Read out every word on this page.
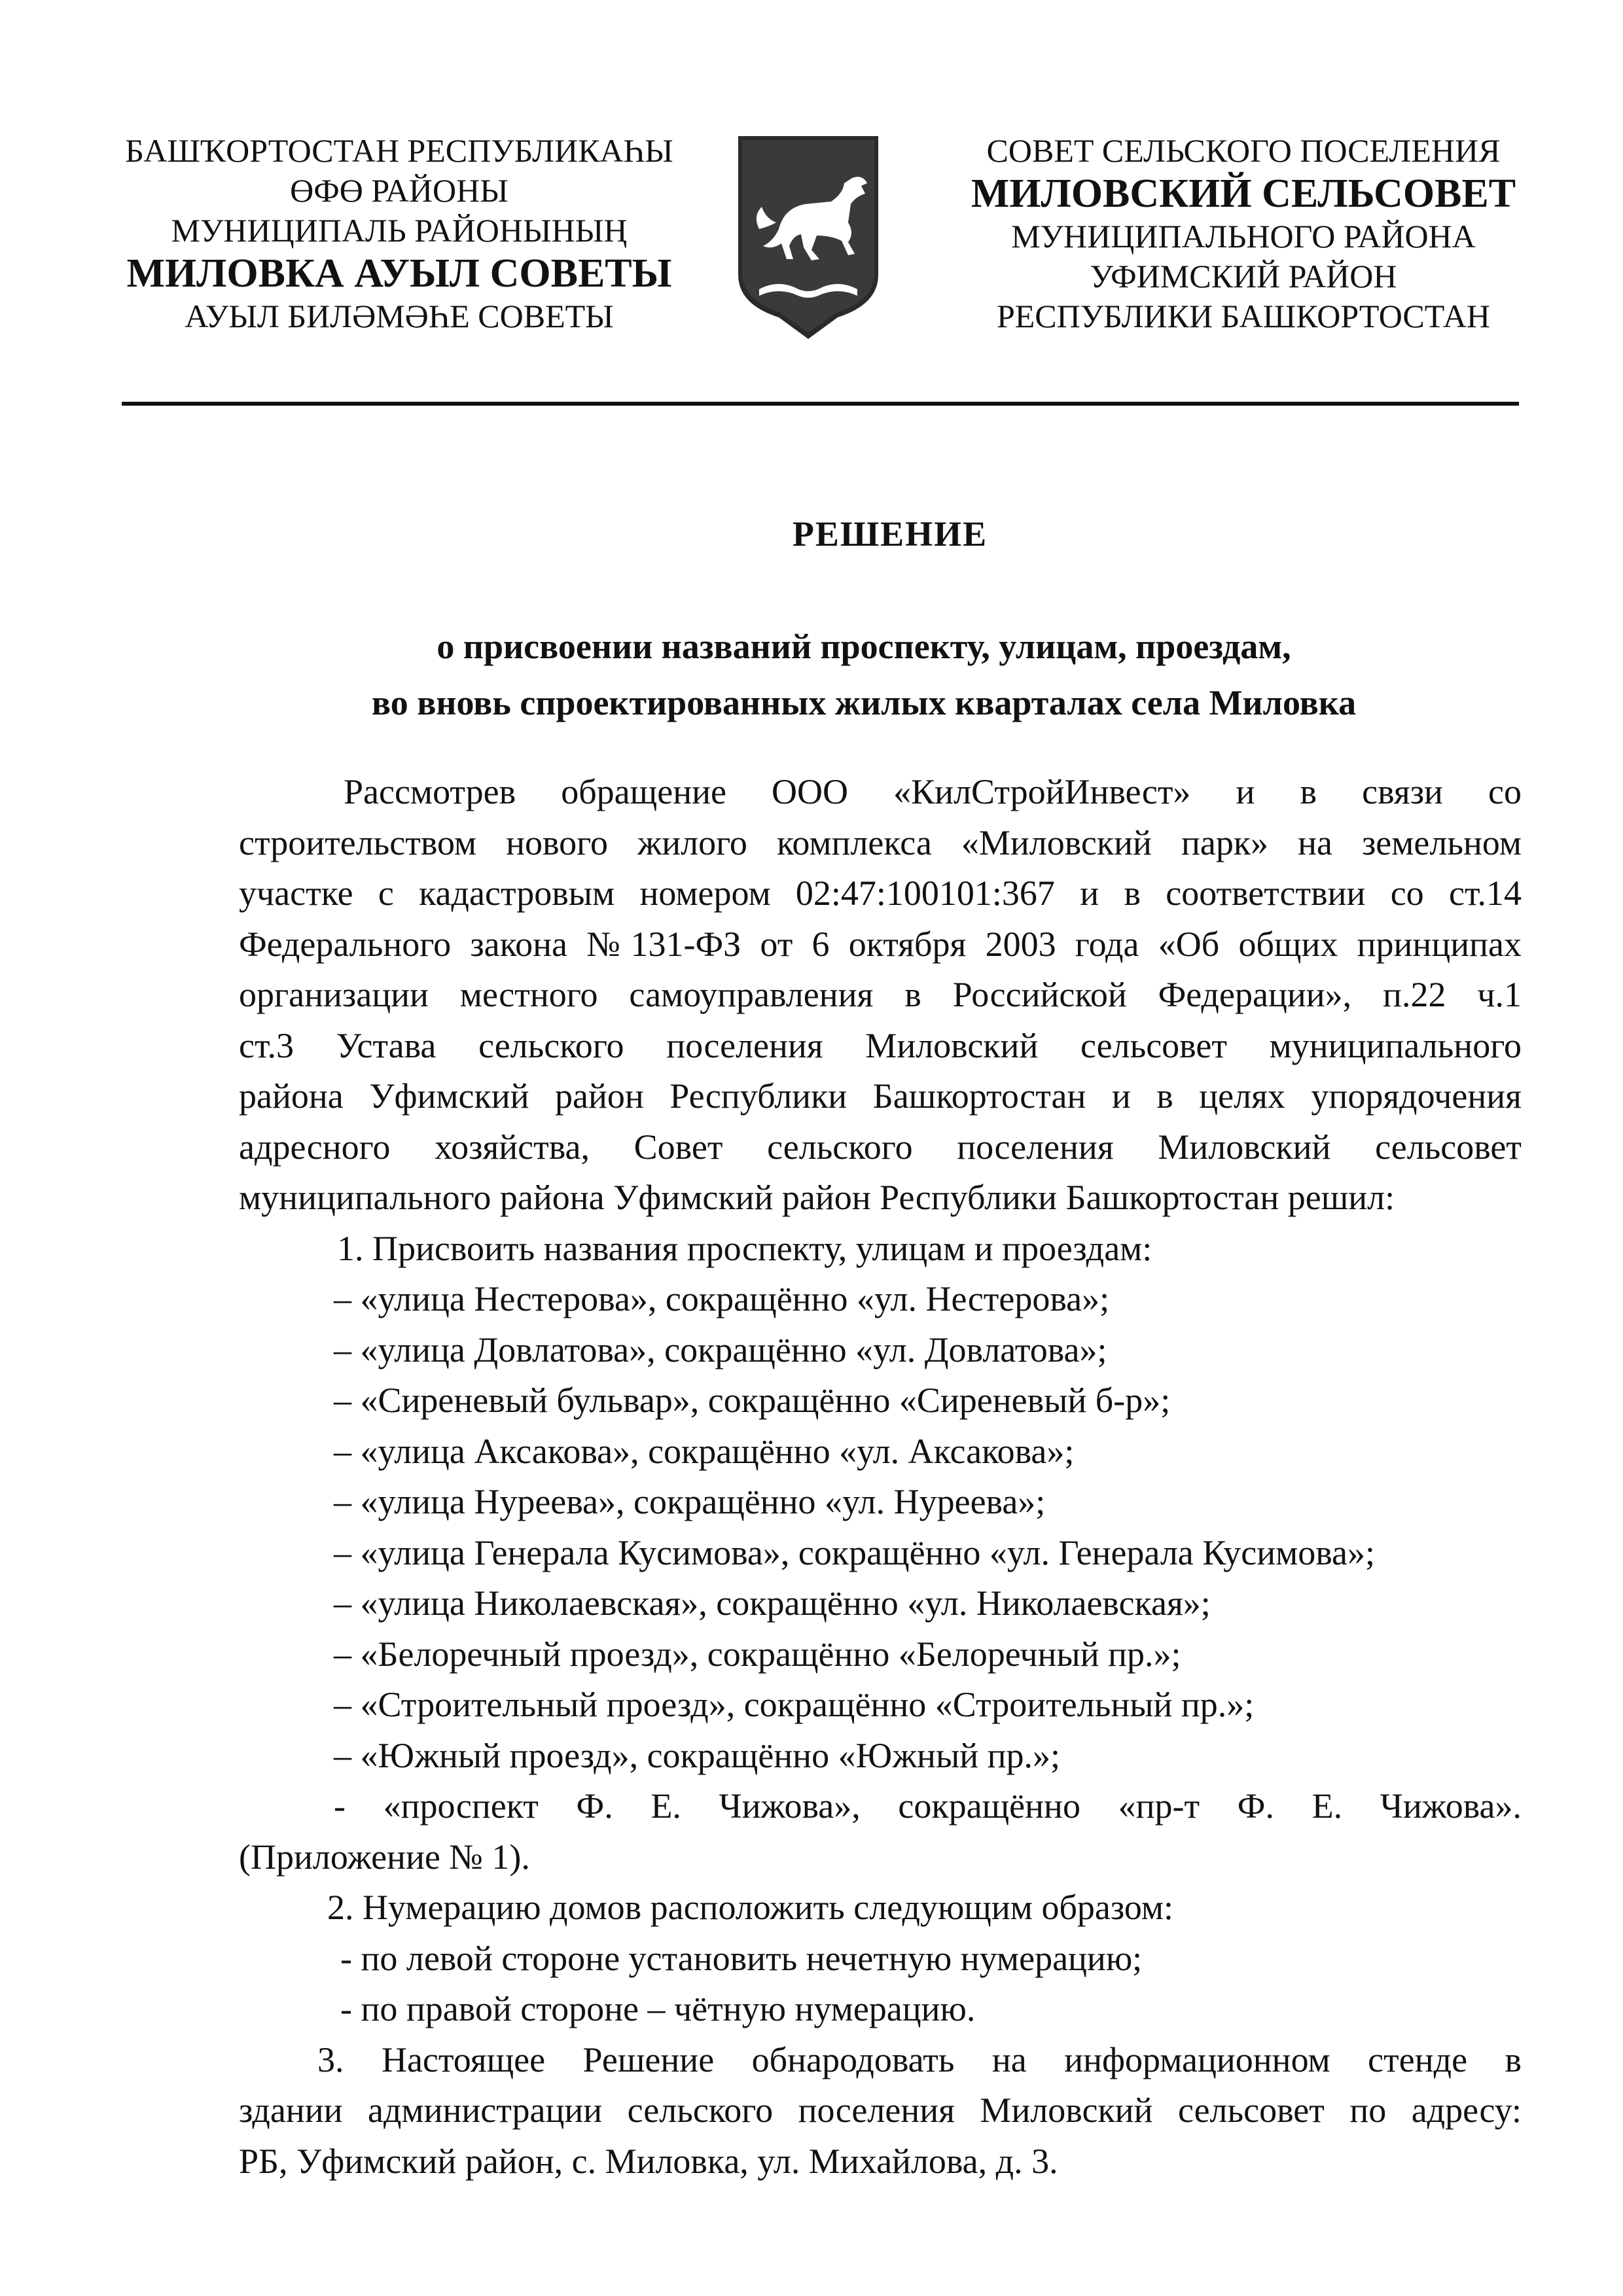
БАШҠОРТОСТАН РЕСПУБЛИКАҺЫ
ӨФӨ РАЙОНЫ
МУНИЦИПАЛЬ РАЙОНЫНЫҢ
МИЛОВКА АУЫЛ СОВЕТЫ
АУЫЛ БИЛӘМӘҺЕ СОВЕТЫ
СОВЕТ СЕЛЬСКОГО ПОСЕЛЕНИЯ
МИЛОВСКИЙ СЕЛЬСОВЕТ
МУНИЦИПАЛЬНОГО РАЙОНА
УФИМСКИЙ РАЙОН
РЕСПУБЛИКИ БАШКОРТОСТАН
РЕШЕНИЕ
о присвоении названий проспекту, улицам, проездам,
во вновь спроектированных жилых кварталах села Миловка

Рассмотрев обращение ООО «КилСтройИнвест» и в связи со

строительством нового жилого комплекса «Миловский парк» на земельном

участке с кадастровым номером 02:47:100101:367 и в соответствии со ст.14

Федерального закона №131-ФЗ от 6 октября 2003 года «Об общих принципах

организации местного самоуправления в Российской Федерации», п.22 ч.1

ст.3 Устава сельского поселения Миловский сельсовет муниципального

района Уфимский район Республики Башкортостан и в целях упорядочения

адресного хозяйства, Совет сельского поселения Миловский сельсовет

муниципального района Уфимский район Республики Башкортостан решил:

1. Присвоить названия проспекту, улицам и проездам:

– «улица Нестерова», сокращённо «ул. Нестерова»;

– «улица Довлатова», сокращённо «ул. Довлатова»;

– «Сиреневый бульвар», сокращённо «Сиреневый б-р»;

– «улица Аксакова», сокращённо «ул. Аксакова»;

– «улица Нуреева», сокращённо «ул. Нуреева»;

– «улица Генерала Кусимова», сокращённо «ул. Генерала Кусимова»;

– «улица Николаевская», сокращённо «ул. Николаевская»;

– «Белоречный проезд», сокращённо «Белоречный пр.»;

– «Строительный проезд», сокращённо «Строительный пр.»;

– «Южный проезд», сокращённо «Южный пр.»;

- «проспект Ф. Е. Чижова», сокращённо «пр-т Ф. Е. Чижова».

(Приложение № 1).

2. Нумерацию домов расположить следующим образом:

- по левой стороне установить нечетную нумерацию;

- по правой стороне – чётную нумерацию.

3. Настоящее Решение обнародовать на информационном стенде в

здании администрации сельского поселения Миловский сельсовет по адресу:

РБ, Уфимский район, с. Миловка, ул. Михайлова, д. 3.
